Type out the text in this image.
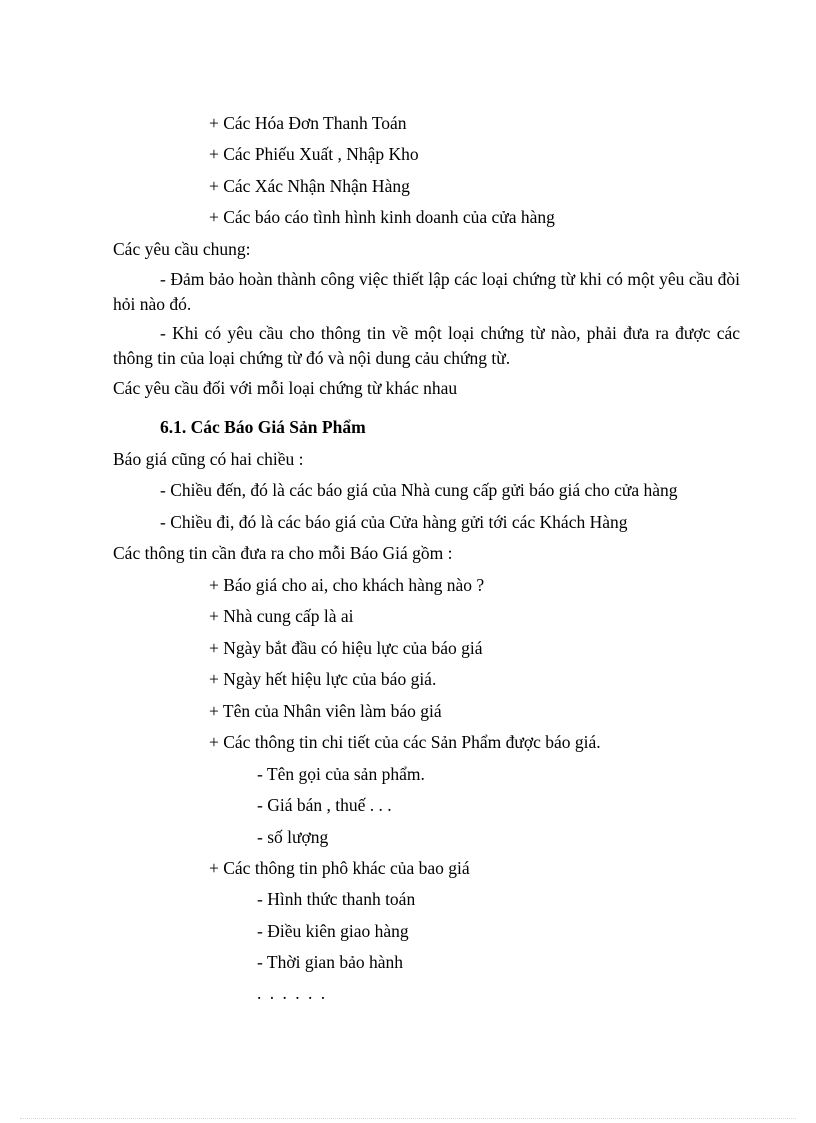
+ Các Hóa Đơn Thanh Toán
+ Các Phiếu Xuất , Nhập Kho
+ Các Xác Nhận Nhận Hàng
+ Các báo cáo tình hình kinh doanh của cửa hàng
Các yêu cầu chung:
- Đảm bảo hoàn thành công việc thiết lập các loại chứng từ khi có một yêu cầu đòi hỏi nào đó.
- Khi có yêu cầu cho thông tin về một loại chứng từ nào, phải đưa ra được các thông tin của loại chứng từ đó và nội dung cảu chứng từ.
Các yêu cầu đối với mỗi loại chứng từ khác nhau
6.1. Các Báo Giá Sản Phẩm
Báo giá cũng có hai chiều :
- Chiều đến, đó là các báo giá của Nhà cung cấp gửi báo giá cho cửa hàng
- Chiều đi, đó là các báo giá của Cửa hàng gửi tới các Khách Hàng
Các thông tin cần đưa ra cho mỗi Báo Giá gồm :
+ Báo giá cho ai, cho khách hàng nào ?
+ Nhà cung cấp là ai
+ Ngày bắt đầu có hiệu lực của báo giá
+ Ngày hết hiệu lực của báo giá.
+ Tên của Nhân viên làm báo giá
+ Các thông tin chi tiết của các Sản Phẩm được báo giá.
- Tên gọi của sản phẩm.
- Giá bán , thuế . . .
- số lượng
+ Các thông tin phô khác của bao giá
- Hình thức thanh toán
- Điều kiên giao hàng
- Thời gian bảo hành
. . . . . .
